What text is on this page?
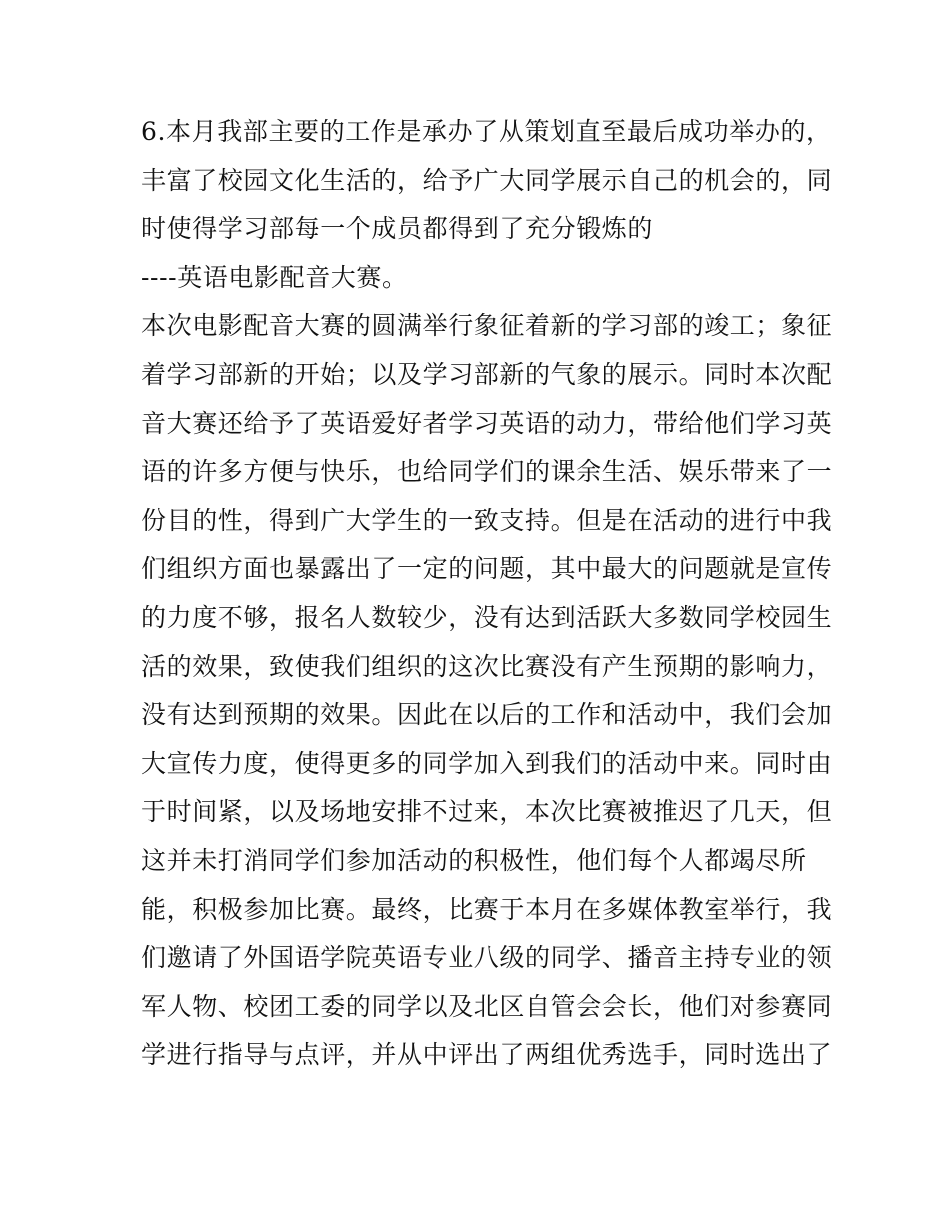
6.本月我部主要的工作是承办了从策划直至最后成功举办的，
丰富了校园文化生活的，给予广大同学展示自己的机会的，同
时使得学习部每一个成员都得到了充分锻炼的
----英语电影配音大赛。
本次电影配音大赛的圆满举行象征着新的学习部的竣工；象征
着学习部新的开始；以及学习部新的气象的展示。同时本次配
音大赛还给予了英语爱好者学习英语的动力，带给他们学习英
语的许多方便与快乐，也给同学们的课余生活、娱乐带来了一
份目的性，得到广大学生的一致支持。但是在活动的进行中我
们组织方面也暴露出了一定的问题，其中最大的问题就是宣传
的力度不够，报名人数较少，没有达到活跃大多数同学校园生
活的效果，致使我们组织的这次比赛没有产生预期的影响力，
没有达到预期的效果。因此在以后的工作和活动中，我们会加
大宣传力度，使得更多的同学加入到我们的活动中来。同时由
于时间紧，以及场地安排不过来，本次比赛被推迟了几天，但
这并未打消同学们参加活动的积极性，他们每个人都竭尽所
能，积极参加比赛。最终，比赛于本月在多媒体教室举行，我
们邀请了外国语学院英语专业八级的同学、播音主持专业的领
军人物、校团工委的同学以及北区自管会会长，他们对参赛同
学进行指导与点评，并从中评出了两组优秀选手，同时选出了
